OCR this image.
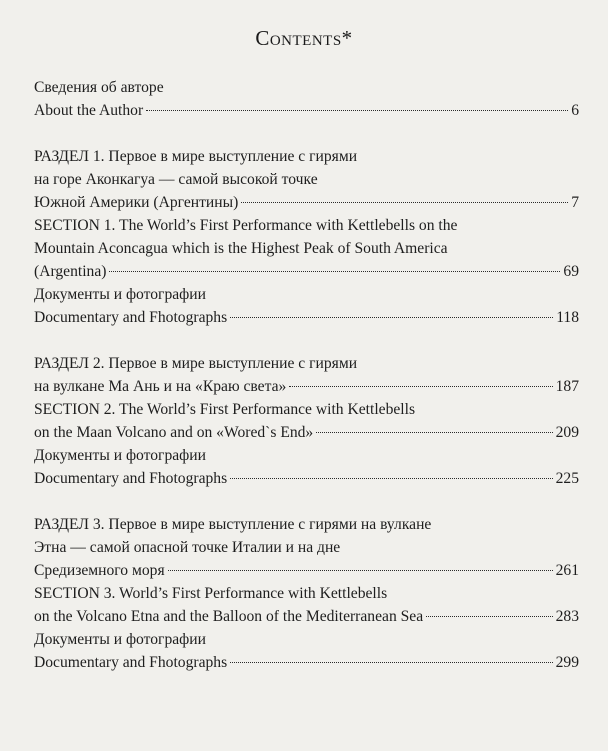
Contents*
Сведения об авторе
About the Author	6
РАЗДЕЛ 1. Первое в мире выступление с гирями
на горе Аконкагуа — самой высокой точке
Южной Америки (Аргентины)	7
SECTION 1. The World’s First Performance with Kettlebells on the
Mountain Aconcagua which is the Highest Peak of South America
(Argentina)	69
Документы и фотографии
Documentary and Fhotographs	118
РАЗДЕЛ 2. Первое в мире выступление с гирями
на вулкане Ма Ань и на «Краю света»	187
SECTION 2. The World’s First Performance with Kettlebells
on the Maan Volcano and on «Wored`s End»	209
Документы и фотографии
Documentary and Fhotographs	225
РАЗДЕЛ 3. Первое в мире выступление с гирями на вулкане
Этна — самой опасной точке Италии и на дне
Средиземного моря	261
SECTION 3. World’s First Performance with Kettlebells
on the Volcano Etna and the Balloon of the Mediterranean Sea	283
Документы и фотографии
Documentary and Fhotographs	299
